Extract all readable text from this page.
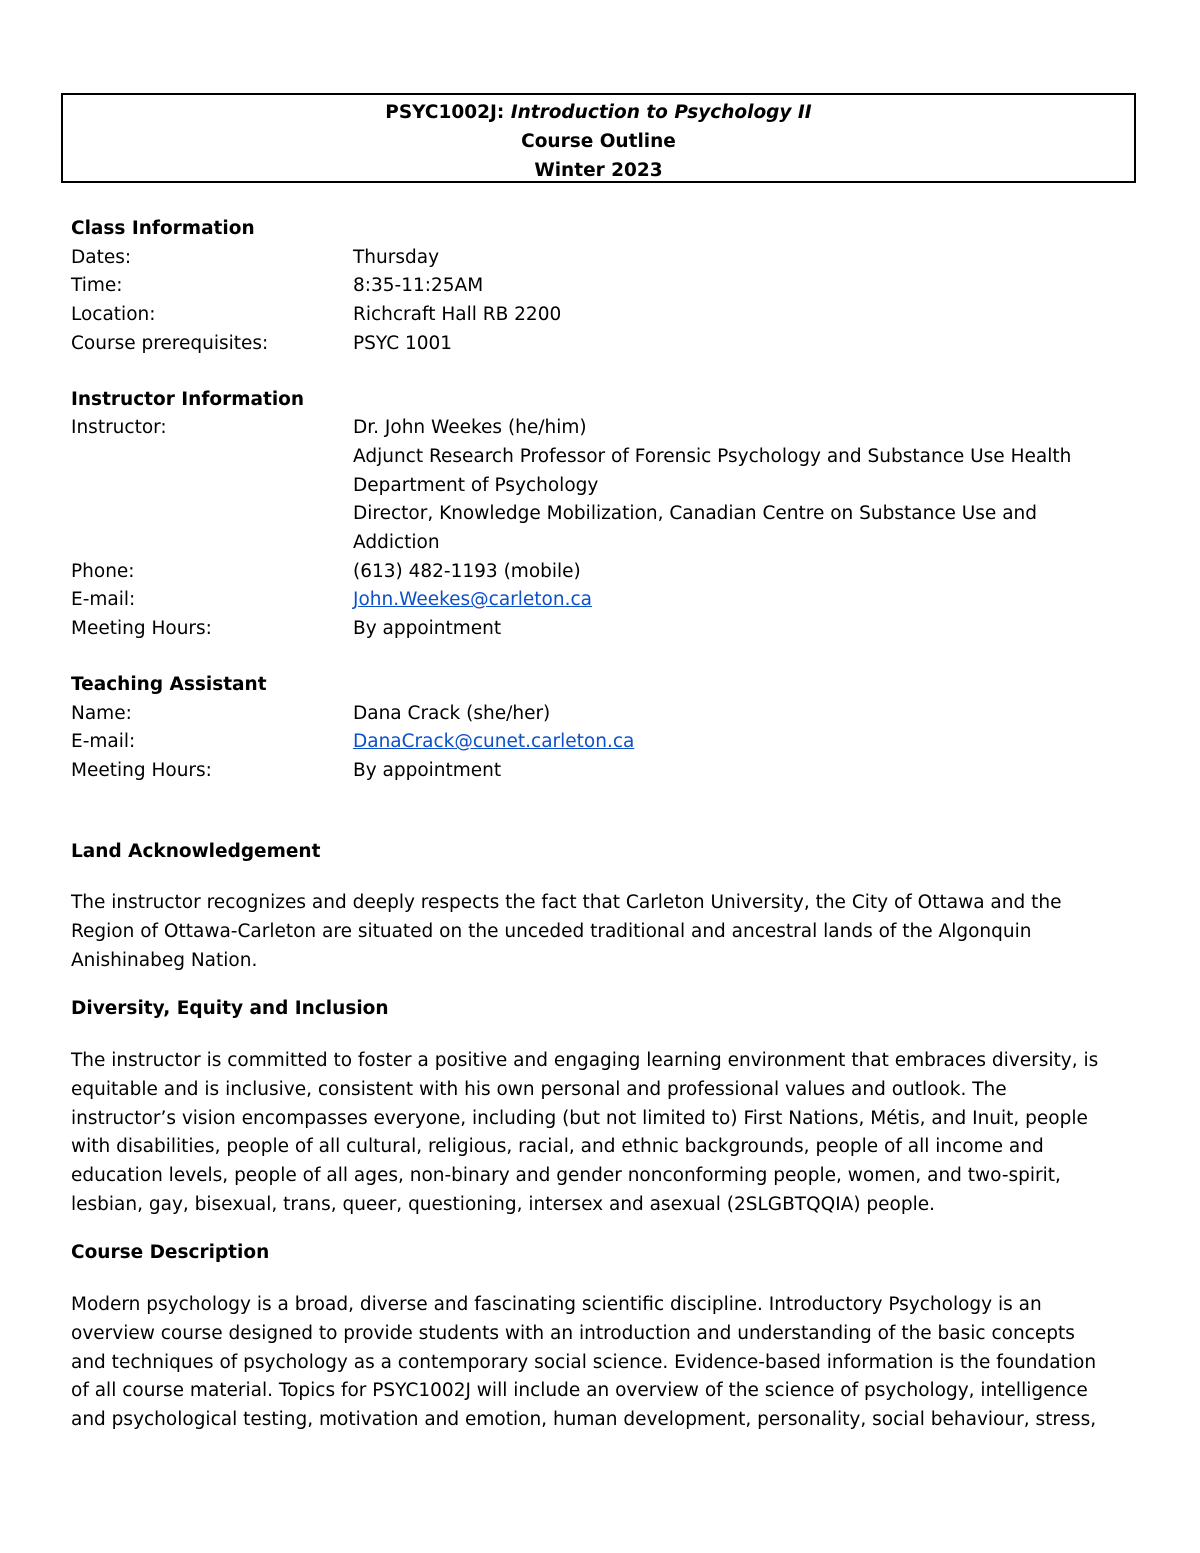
PSYC1002J: Introduction to Psychology II
Course Outline
Winter 2023
Class Information
Dates:	Thursday
Time:	8:35-11:25AM
Location:	Richcraft Hall RB 2200
Course prerequisites:	PSYC 1001
Instructor Information
Instructor:	Dr. John Weekes (he/him)
Adjunct Research Professor of Forensic Psychology and Substance Use Health
Department of Psychology
Director, Knowledge Mobilization, Canadian Centre on Substance Use and
Addiction
Phone:	(613) 482-1193 (mobile)
E-mail:	John.Weekes@carleton.ca
Meeting Hours:	By appointment
Teaching Assistant
Name:	Dana Crack (she/her)
E-mail:	DanaCrack@cunet.carleton.ca
Meeting Hours:	By appointment
Land Acknowledgement
The instructor recognizes and deeply respects the fact that Carleton University, the City of Ottawa and the
Region of Ottawa-Carleton are situated on the unceded traditional and ancestral lands of the Algonquin
Anishinabeg Nation.
Diversity, Equity and Inclusion
The instructor is committed to foster a positive and engaging learning environment that embraces diversity, is
equitable and is inclusive, consistent with his own personal and professional values and outlook. The
instructor’s vision encompasses everyone, including (but not limited to) First Nations, Métis, and Inuit, people
with disabilities, people of all cultural, religious, racial, and ethnic backgrounds, people of all income and
education levels, people of all ages, non-binary and gender nonconforming people, women, and two-spirit,
lesbian, gay, bisexual, trans, queer, questioning, intersex and asexual (2SLGBTQQIA) people.
Course Description
Modern psychology is a broad, diverse and fascinating scientific discipline. Introductory Psychology is an
overview course designed to provide students with an introduction and understanding of the basic concepts
and techniques of psychology as a contemporary social science. Evidence-based information is the foundation
of all course material. Topics for PSYC1002J will include an overview of the science of psychology, intelligence
and psychological testing, motivation and emotion, human development, personality, social behaviour, stress,
